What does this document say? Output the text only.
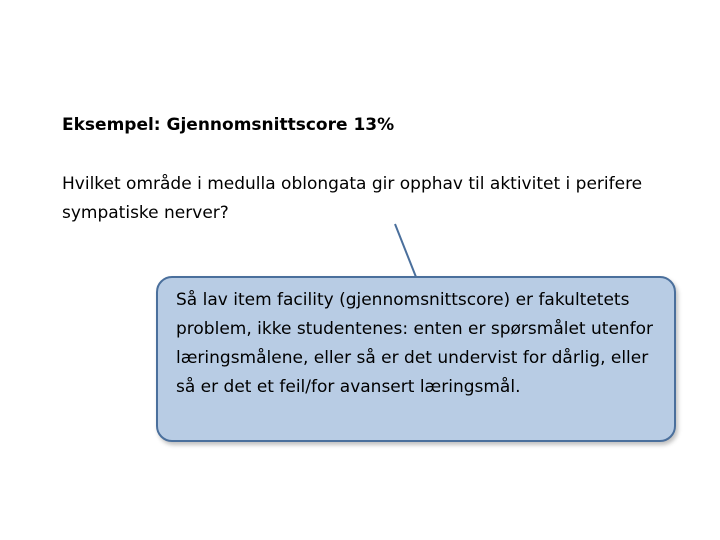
Eksempel: Gjennomsnittscore 13%
Hvilket område i medulla oblongata gir opphav til aktivitet i perifere sympatiske nerver?
Så lav item facility (gjennomsnittscore) er fakultetets problem, ikke studentenes: enten er spørsmålet utenfor læringsmålene, eller så er det undervist for dårlig, eller så er det et feil/for avansert læringsmål.
